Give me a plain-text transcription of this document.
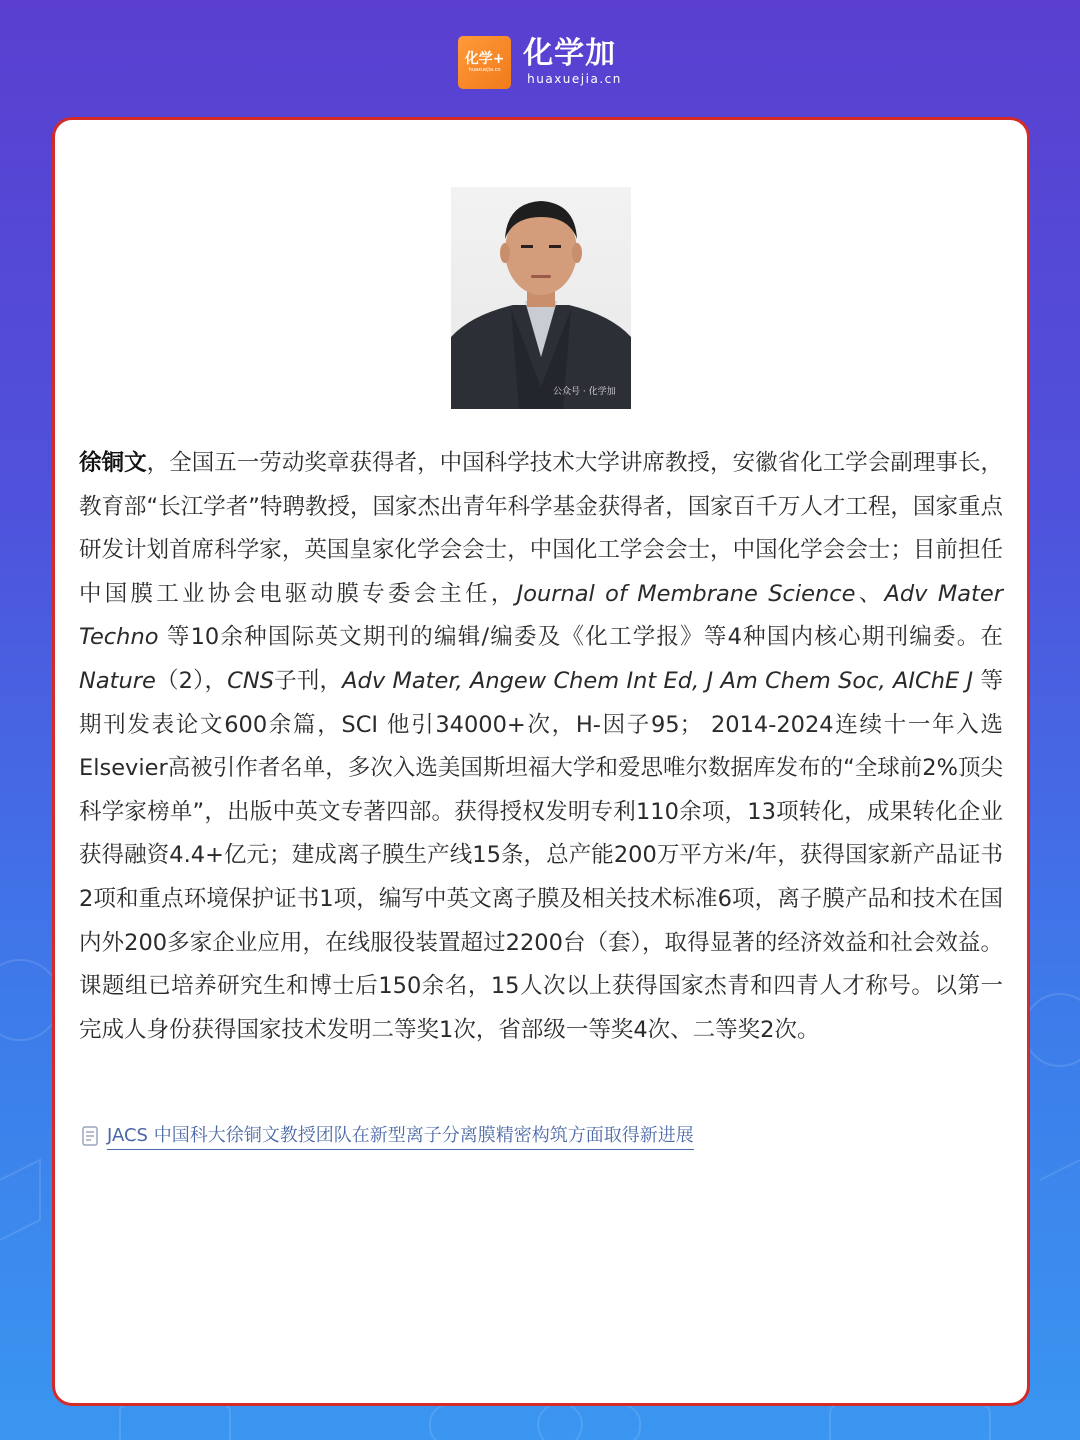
化学+
huaxuejia.cn 化学加
huaxuejia.cn
公众号 · 化学加

徐铜文，全国五一劳动奖章获得者，中国科学技术大学讲席教授，安徽省化工学会副理事长，教育部“长江学者”特聘教授，国家杰出青年科学基金获得者，国家百千万人才工程，国家重点研发计划首席科学家，英国皇家化学会会士，中国化工学会会士，中国化学会会士；目前担任中国膜工业协会电驱动膜专委会主任，Journal of Membrane Science、Adv Mater Techno 等10余种国际英文期刊的编辑/编委及《化工学报》等4种国内核心期刊编委。在Nature（2），CNS子刊，Adv Mater, Angew Chem Int Ed, J Am Chem Soc, AIChE J 等期刊发表论文600余篇，SCI 他引34000+次，H-因子95； 2014-2024连续十一年入选Elsevier高被引作者名单，多次入选美国斯坦福大学和爱思唯尔数据库发布的“全球前2%顶尖科学家榜单”，出版中英文专著四部。获得授权发明专利110余项，13项转化，成果转化企业获得融资4.4+亿元；建成离子膜生产线15条，总产能200万平方米/年，获得国家新产品证书2项和重点环境保护证书1项，编写中英文离子膜及相关技术标准6项，离子膜产品和技术在国内外200多家企业应用，在线服役装置超过2200台（套），取得显著的经济效益和社会效益。课题组已培养研究生和博士后150余名，15人次以上获得国家杰青和四青人才称号。以第一完成人身份获得国家技术发明二等奖1次，省部级一等奖4次、二等奖2次。

JACS 中国科大徐铜文教授团队在新型离子分离膜精密构筑方面取得新进展
